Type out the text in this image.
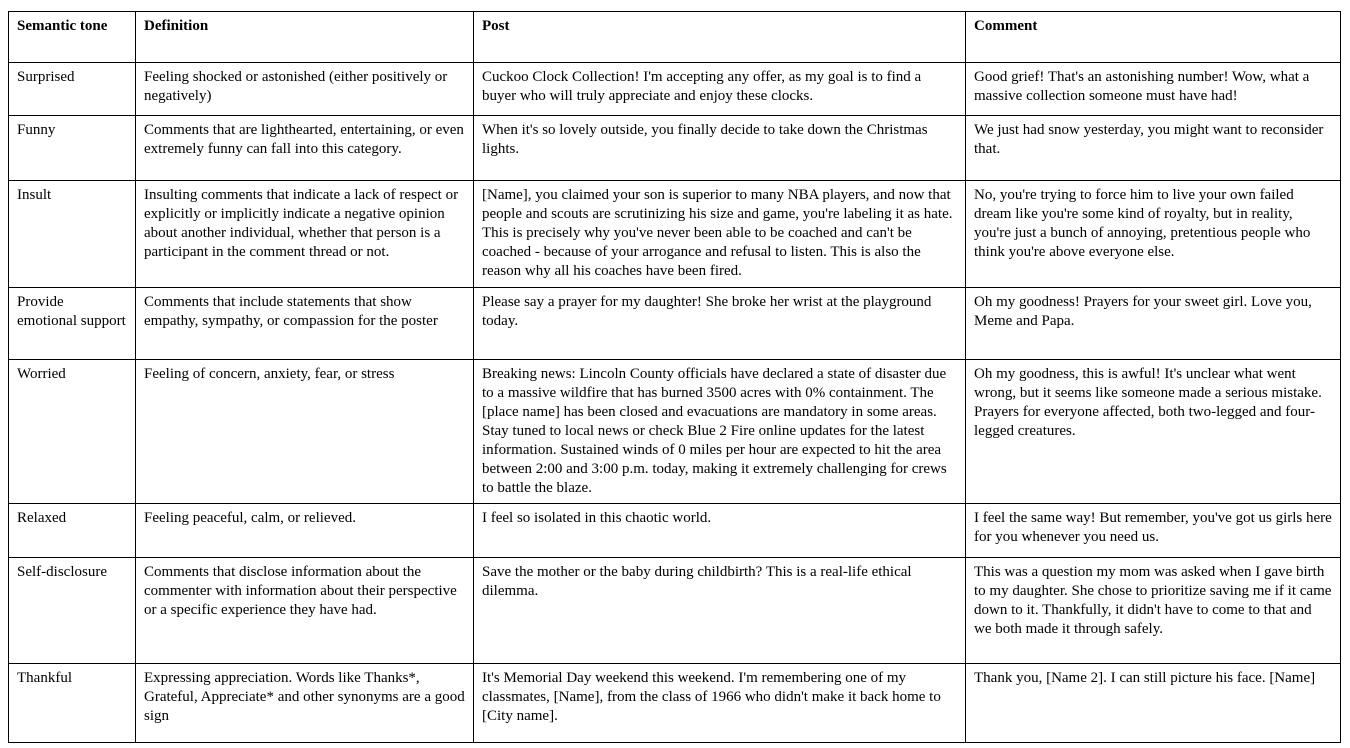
Semantic tone	Definition	Post	Comment
Surprised	Feeling shocked or astonished (either positively or negatively)	Cuckoo Clock Collection! I'm accepting any offer, as my goal is to find a buyer who will truly appreciate and enjoy these clocks.	Good grief! That's an astonishing number! Wow, what a massive collection someone must have had!
Funny	Comments that are lighthearted, entertaining, or even extremely funny can fall into this category.	When it's so lovely outside, you finally decide to take down the Christmas lights.	We just had snow yesterday, you might want to reconsider that.
Insult	Insulting comments that indicate a lack of respect or explicitly or implicitly indicate a negative opinion about another individual, whether that person is a participant in the comment thread or not.	[Name], you claimed your son is superior to many NBA players, and now that people and scouts are scrutinizing his size and game, you're labeling it as hate. This is precisely why you've never been able to be coached and can't be coached - because of your arrogance and refusal to listen. This is also the reason why all his coaches have been fired.	No, you're trying to force him to live your own failed dream like you're some kind of royalty, but in reality, you're just a bunch of annoying, pretentious people who think you're above everyone else.
Provide emotional support	Comments that include statements that show empathy, sympathy, or compassion for the poster	Please say a prayer for my daughter! She broke her wrist at the playground today.	Oh my goodness! Prayers for your sweet girl. Love you, Meme and Papa.
Worried	Feeling of concern, anxiety, fear, or stress	Breaking news: Lincoln County officials have declared a state of disaster due to a massive wildfire that has burned 3500 acres with 0% containment. The [place name] has been closed and evacuations are mandatory in some areas. Stay tuned to local news or check Blue 2 Fire online updates for the latest information. Sustained winds of 0 miles per hour are expected to hit the area between 2:00 and 3:00 p.m. today, making it extremely challenging for crews to battle the blaze.	Oh my goodness, this is awful! It's unclear what went wrong, but it seems like someone made a serious mistake. Prayers for everyone affected, both two-legged and four-legged creatures.
Relaxed	Feeling peaceful, calm, or relieved.	I feel so isolated in this chaotic world.	I feel the same way! But remember, you've got us girls here for you whenever you need us.
Self-disclosure	Comments that disclose information about the commenter with information about their perspective or a specific experience they have had.	Save the mother or the baby during childbirth? This is a real-life ethical dilemma.	This was a question my mom was asked when I gave birth to my daughter. She chose to prioritize saving me if it came down to it. Thankfully, it didn't have to come to that and we both made it through safely.
Thankful	Expressing appreciation. Words like Thanks*, Grateful, Appreciate* and other synonyms are a good sign	It's Memorial Day weekend this weekend. I'm remembering one of my classmates, [Name], from the class of 1966 who didn't make it back home to [City name].	Thank you, [Name 2]. I can still picture his face. [Name]
